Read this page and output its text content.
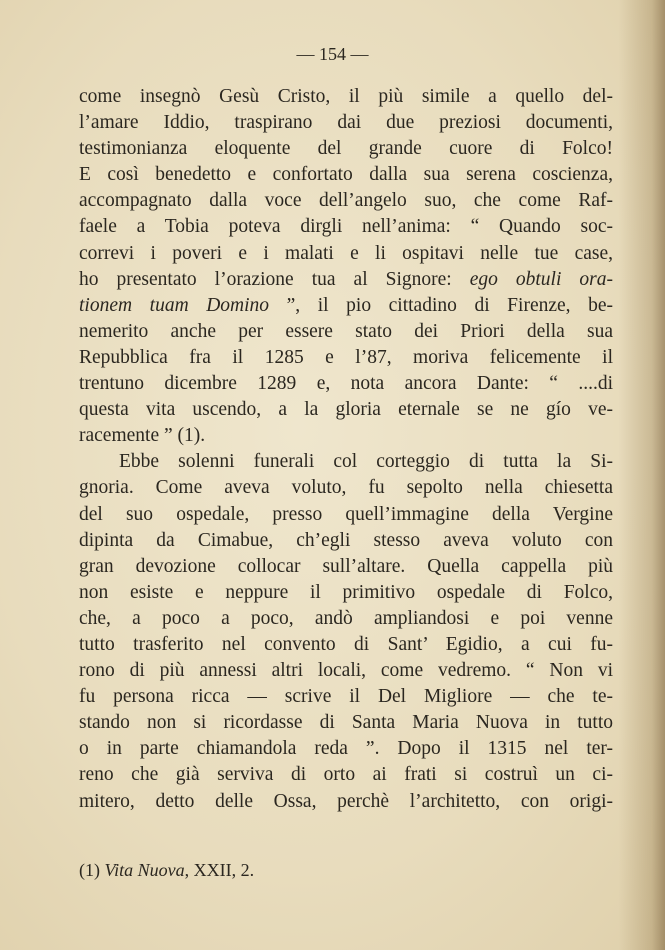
— 154 —
come insegnò Gesù Cristo, il più simile a quello del-
l’amare Iddio, traspirano dai due preziosi documenti,
testimonianza eloquente del grande cuore di Folco!
E così benedetto e confortato dalla sua serena coscienza,
accompagnato dalla voce dell’angelo suo, che come Raf-
faele a Tobia poteva dirgli nell’anima: “ Quando soc-
correvi i poveri e i malati e li ospitavi nelle tue case,
ho presentato l’orazione tua al Signore: ego obtuli ora-
tionem tuam Domino ”, il pio cittadino di Firenze, be-
nemerito anche per essere stato dei Priori della sua
Repubblica fra il 1285 e l’87, moriva felicemente il
trentuno dicembre 1289 e, nota ancora Dante: “ ....di
questa vita uscendo, a la gloria eternale se ne gío ve-
racemente ” (1).
Ebbe solenni funerali col corteggio di tutta la Si-
gnoria. Come aveva voluto, fu sepolto nella chiesetta
del suo ospedale, presso quell’immagine della Vergine
dipinta da Cimabue, ch’egli stesso aveva voluto con
gran devozione collocar sull’altare. Quella cappella più
non esiste e neppure il primitivo ospedale di Folco,
che, a poco a poco, andò ampliandosi e poi venne
tutto trasferito nel convento di Sant’ Egidio, a cui fu-
rono di più annessi altri locali, come vedremo. “ Non vi
fu persona ricca — scrive il Del Migliore — che te-
stando non si ricordasse di Santa Maria Nuova in tutto
o in parte chiamandola reda ”. Dopo il 1315 nel ter-
reno che già serviva di orto ai frati si costruì un ci-
mitero, detto delle Ossa, perchè l’architetto, con origi-
(1) Vita Nuova, XXII, 2.
